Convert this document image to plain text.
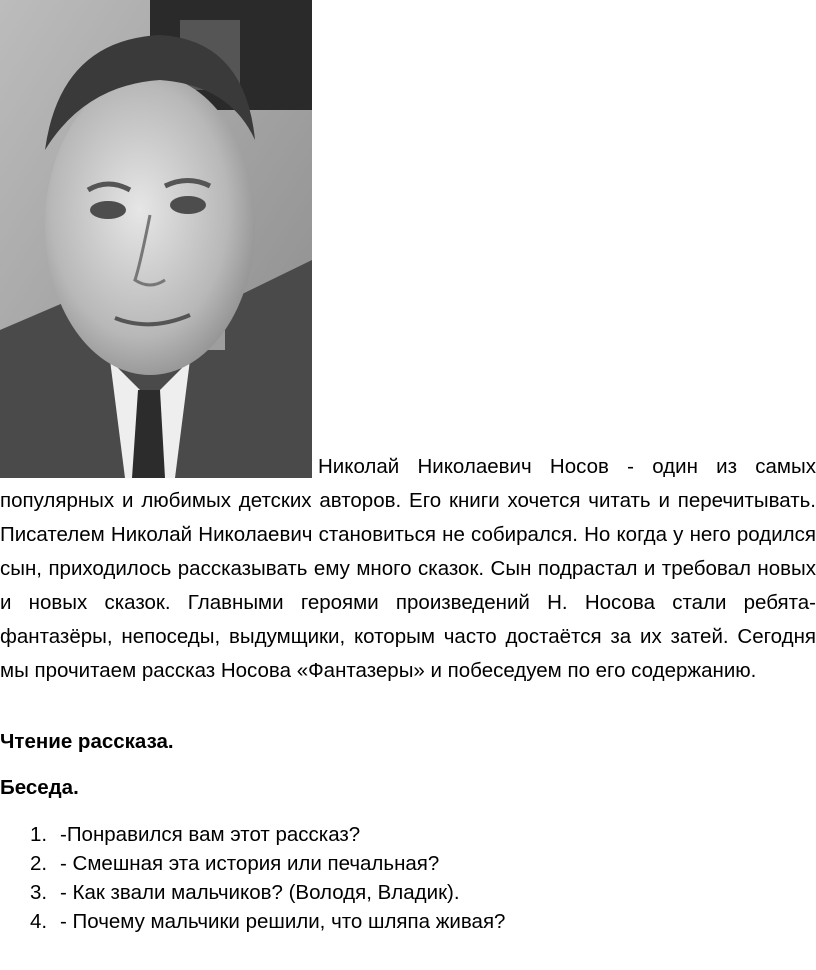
Николай Николаевич Носов - один из самых популярных и любимых детских авторов. Его книги хочется читать и перечитывать. Писателем Николай Николаевич становиться не собирался. Но когда у него родился сын, приходилось рассказывать ему много сказок. Сын подрастал и требовал новых и новых сказок. Главными героями произведений Н. Носова стали ребята-фантазёры, непоседы, выдумщики, которым часто достаётся за их затей. Сегодня мы прочитаем рассказ Носова «Фантазеры» и побеседуем по его содержанию.

Чтение рассказа.

Беседа.

1. -Понравился вам этот рассказ?
2. - Смешная эта история или печальная?
3. - Как звали мальчиков? (Володя, Владик).
4. - Почему мальчики решили, что шляпа живая?
